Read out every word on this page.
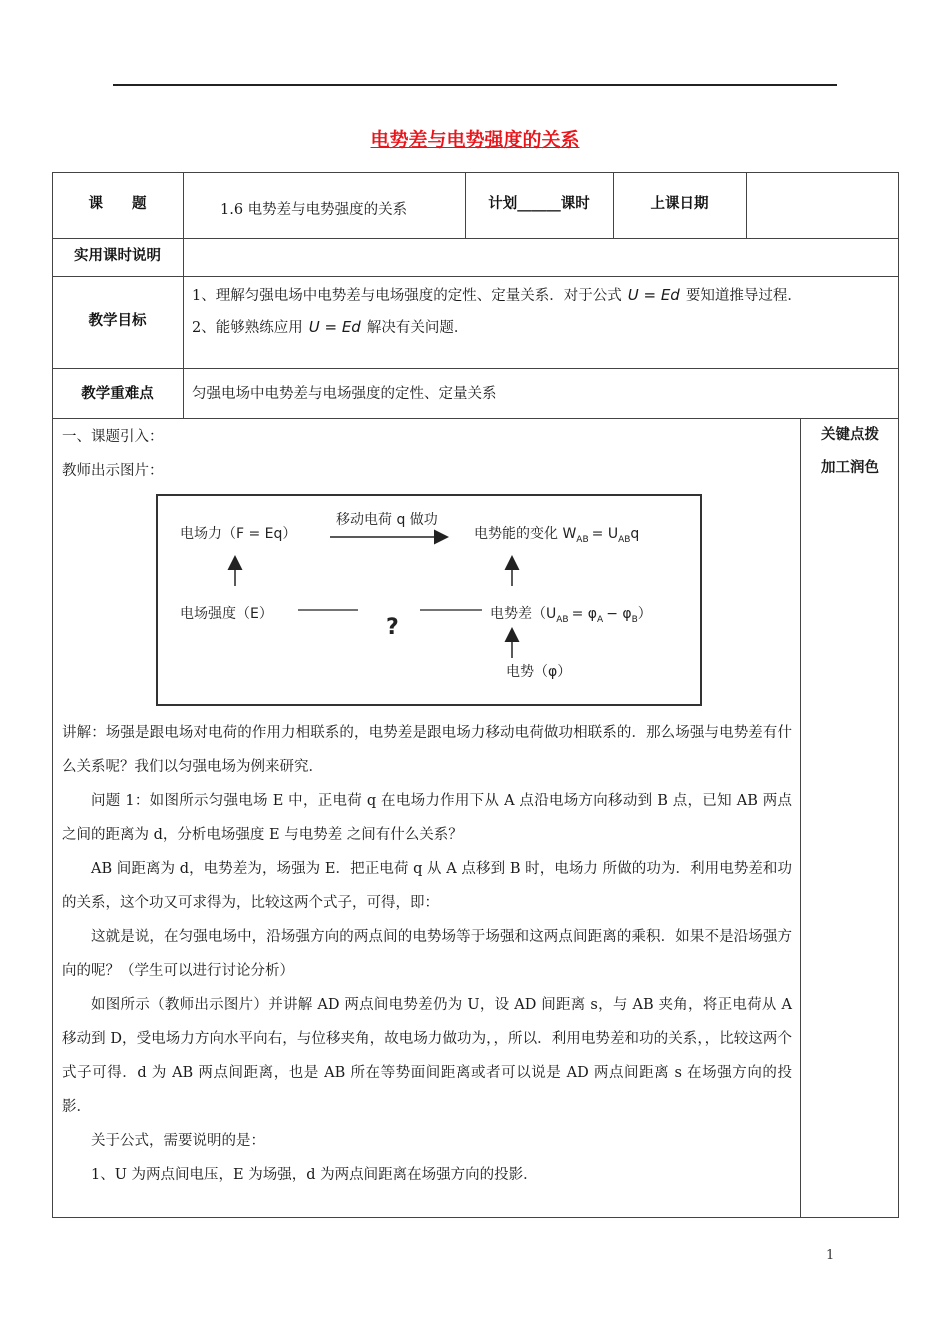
电势差与电势强度的关系
课　　题	1.6 电势差与电势强度的关系	计划______课时	上课日期
实用课时说明
教学目标
1、理解匀强电场中电势差与电场强度的定性、定量关系．对于公式 U = Ed 要知道推导过程．
2、能够熟练应用 U = Ed 解决有关问题．
教学重难点	匀强电场中电势差与电场强度的定性、定量关系
关键点拨
加工润色

一、课题引入：

教师出示图片：

电场力（F = Eq）
移动电荷 q 做功
电势能的变化 $W_{AB} = U_{AB}q$
电场强度（E）
?
电势差$(U_{AB} = \varphi_A - \varphi_B)$
电势（φ）

讲解：场强是跟电场对电荷的作用力相联系的，电势差是跟电场力移动电荷做功相联系的．那么场强与电势差有什么关系呢？我们以匀强电场为例来研究．

问题 1：如图所示匀强电场 E 中，正电荷 q 在电场力作用下从 A 点沿电场方向移动到 B 点，已知 AB 两点之间的距离为 d，分析电场强度 E 与电势差 之间有什么关系？

AB 间距离为 d，电势差为，场强为 E．把正电荷 q 从 A 点移到 B 时，电场力 所做的功为．利用电势差和功的关系，这个功又可求得为，比较这两个式子，可得，即：

这就是说，在匀强电场中，沿场强方向的两点间的电势场等于场强和这两点间距离的乘积．如果不是沿场强方向的呢？（学生可以进行讨论分析）

如图所示（教师出示图片）并讲解 AD 两点间电势差仍为 U，设 AD 间距离 s，与 AB 夹角，将正电荷从 A 移动到 D，受电场力方向水平向右，与位移夹角，故电场力做功为，，所以．利用电势差和功的关系，，比较这两个式子可得．d 为 AB 两点间距离，也是 AB 所在等势面间距离或者可以说是 AD 两点间距离 s 在场强方向的投影．

关于公式，需要说明的是：

1、U 为两点间电压，E 为场强，d 为两点间距离在场强方向的投影．

1
